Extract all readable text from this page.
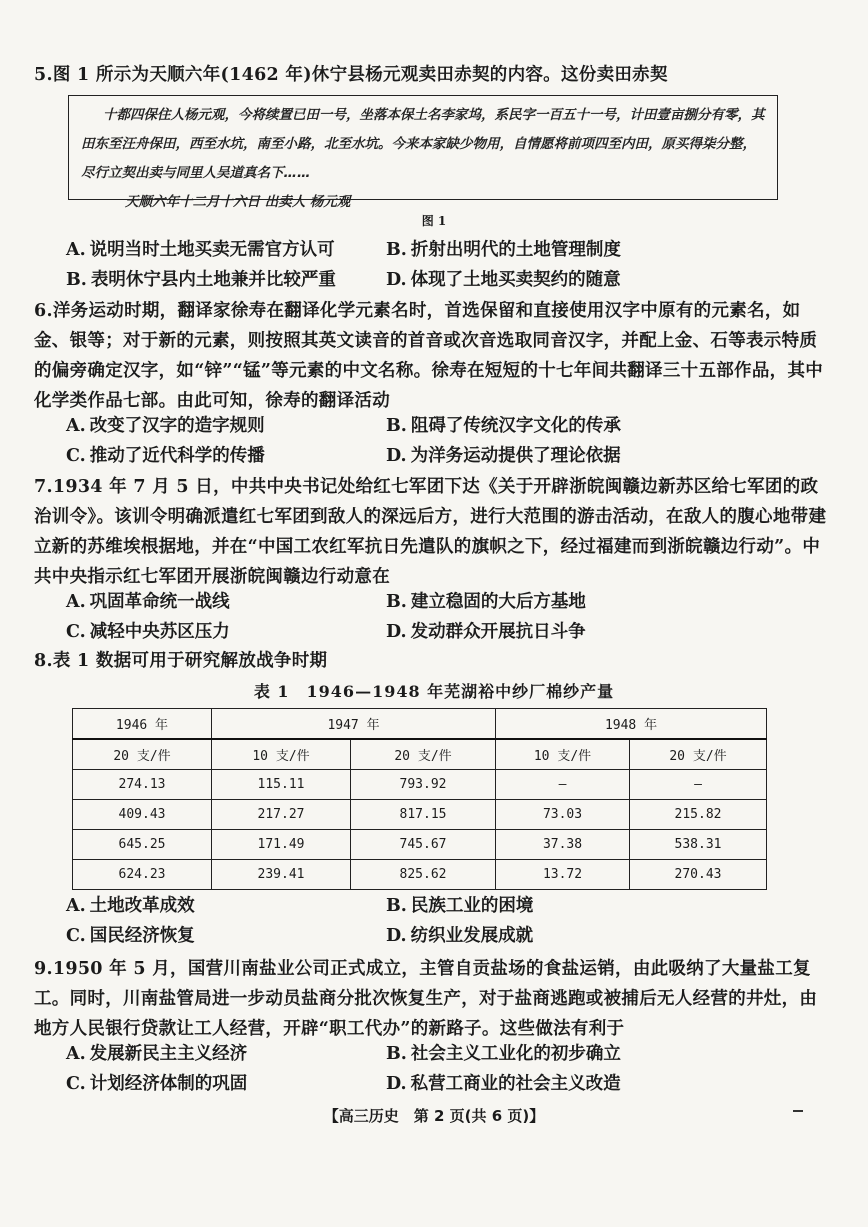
5.图 1 所示为天顺六年(1462 年)休宁县杨元观卖田赤契的内容。这份卖田赤契

十都四保住人杨元观，今将续置已田一号，坐落本保土名李家坞，系民字一百五十一号，计田壹亩捌分有零，其田东至汪舟保田，西至水坑，南至小路，北至水坑。今来本家缺少物用，自情愿将前项四至内田，原买得柒分整，尽行立契出卖与同里人吴道真名下……

天顺六年十二月十六日 出卖人 杨元观

图 1
A. 说明当时土地买卖无需官方认可	B. 折射出明代的土地管理制度
B. 表明休宁县内土地兼并比较严重	D. 体现了土地买卖契约的随意
6.洋务运动时期，翻译家徐寿在翻译化学元素名时，首选保留和直接使用汉字中原有的元素名，如金、银等；对于新的元素，则按照其英文读音的首音或次音选取同音汉字，并配上金、石等表示特质的偏旁确定汉字，如“锌”“锰”等元素的中文名称。徐寿在短短的十七年间共翻译三十五部作品，其中化学类作品七部。由此可知，徐寿的翻译活动
A. 改变了汉字的造字规则	B. 阻碍了传统汉字文化的传承
C. 推动了近代科学的传播	D. 为洋务运动提供了理论依据
7.1934 年 7 月 5 日，中共中央书记处给红七军团下达《关于开辟浙皖闽赣边新苏区给七军团的政治训令》。该训令明确派遣红七军团到敌人的深远后方，进行大范围的游击活动，在敌人的腹心地带建立新的苏维埃根据地，并在“中国工农红军抗日先遣队的旗帜之下，经过福建而到浙皖赣边行动”。中共中央指示红七军团开展浙皖闽赣边行动意在
A. 巩固革命统一战线	B. 建立稳固的大后方基地
C. 减轻中央苏区压力	D. 发动群众开展抗日斗争
8.表 1 数据可用于研究解放战争时期
表 1　1946—1948 年芜湖裕中纱厂棉纱产量
1946 年	1947 年		1948 年	
20 支/件	10 支/件	20 支/件	10 支/件	20 支/件
274.13	115.11	793.92	—	—
409.43	217.27	817.15	73.03	215.82
645.25	171.49	745.67	37.38	538.31
624.23	239.41	825.62	13.72	270.43
A. 土地改革成效	B. 民族工业的困境
C. 国民经济恢复	D. 纺织业发展成就
9.1950 年 5 月，国营川南盐业公司正式成立，主管自贡盐场的食盐运销，由此吸纳了大量盐工复工。同时，川南盐管局进一步动员盐商分批次恢复生产，对于盐商逃跑或被捕后无人经营的井灶，由地方人民银行贷款让工人经营，开辟“职工代办”的新路子。这些做法有利于
A. 发展新民主主义经济	B. 社会主义工业化的初步确立
C. 计划经济体制的巩固	D. 私营工商业的社会主义改造
【高三历史　第 2 页(共 6 页)】
